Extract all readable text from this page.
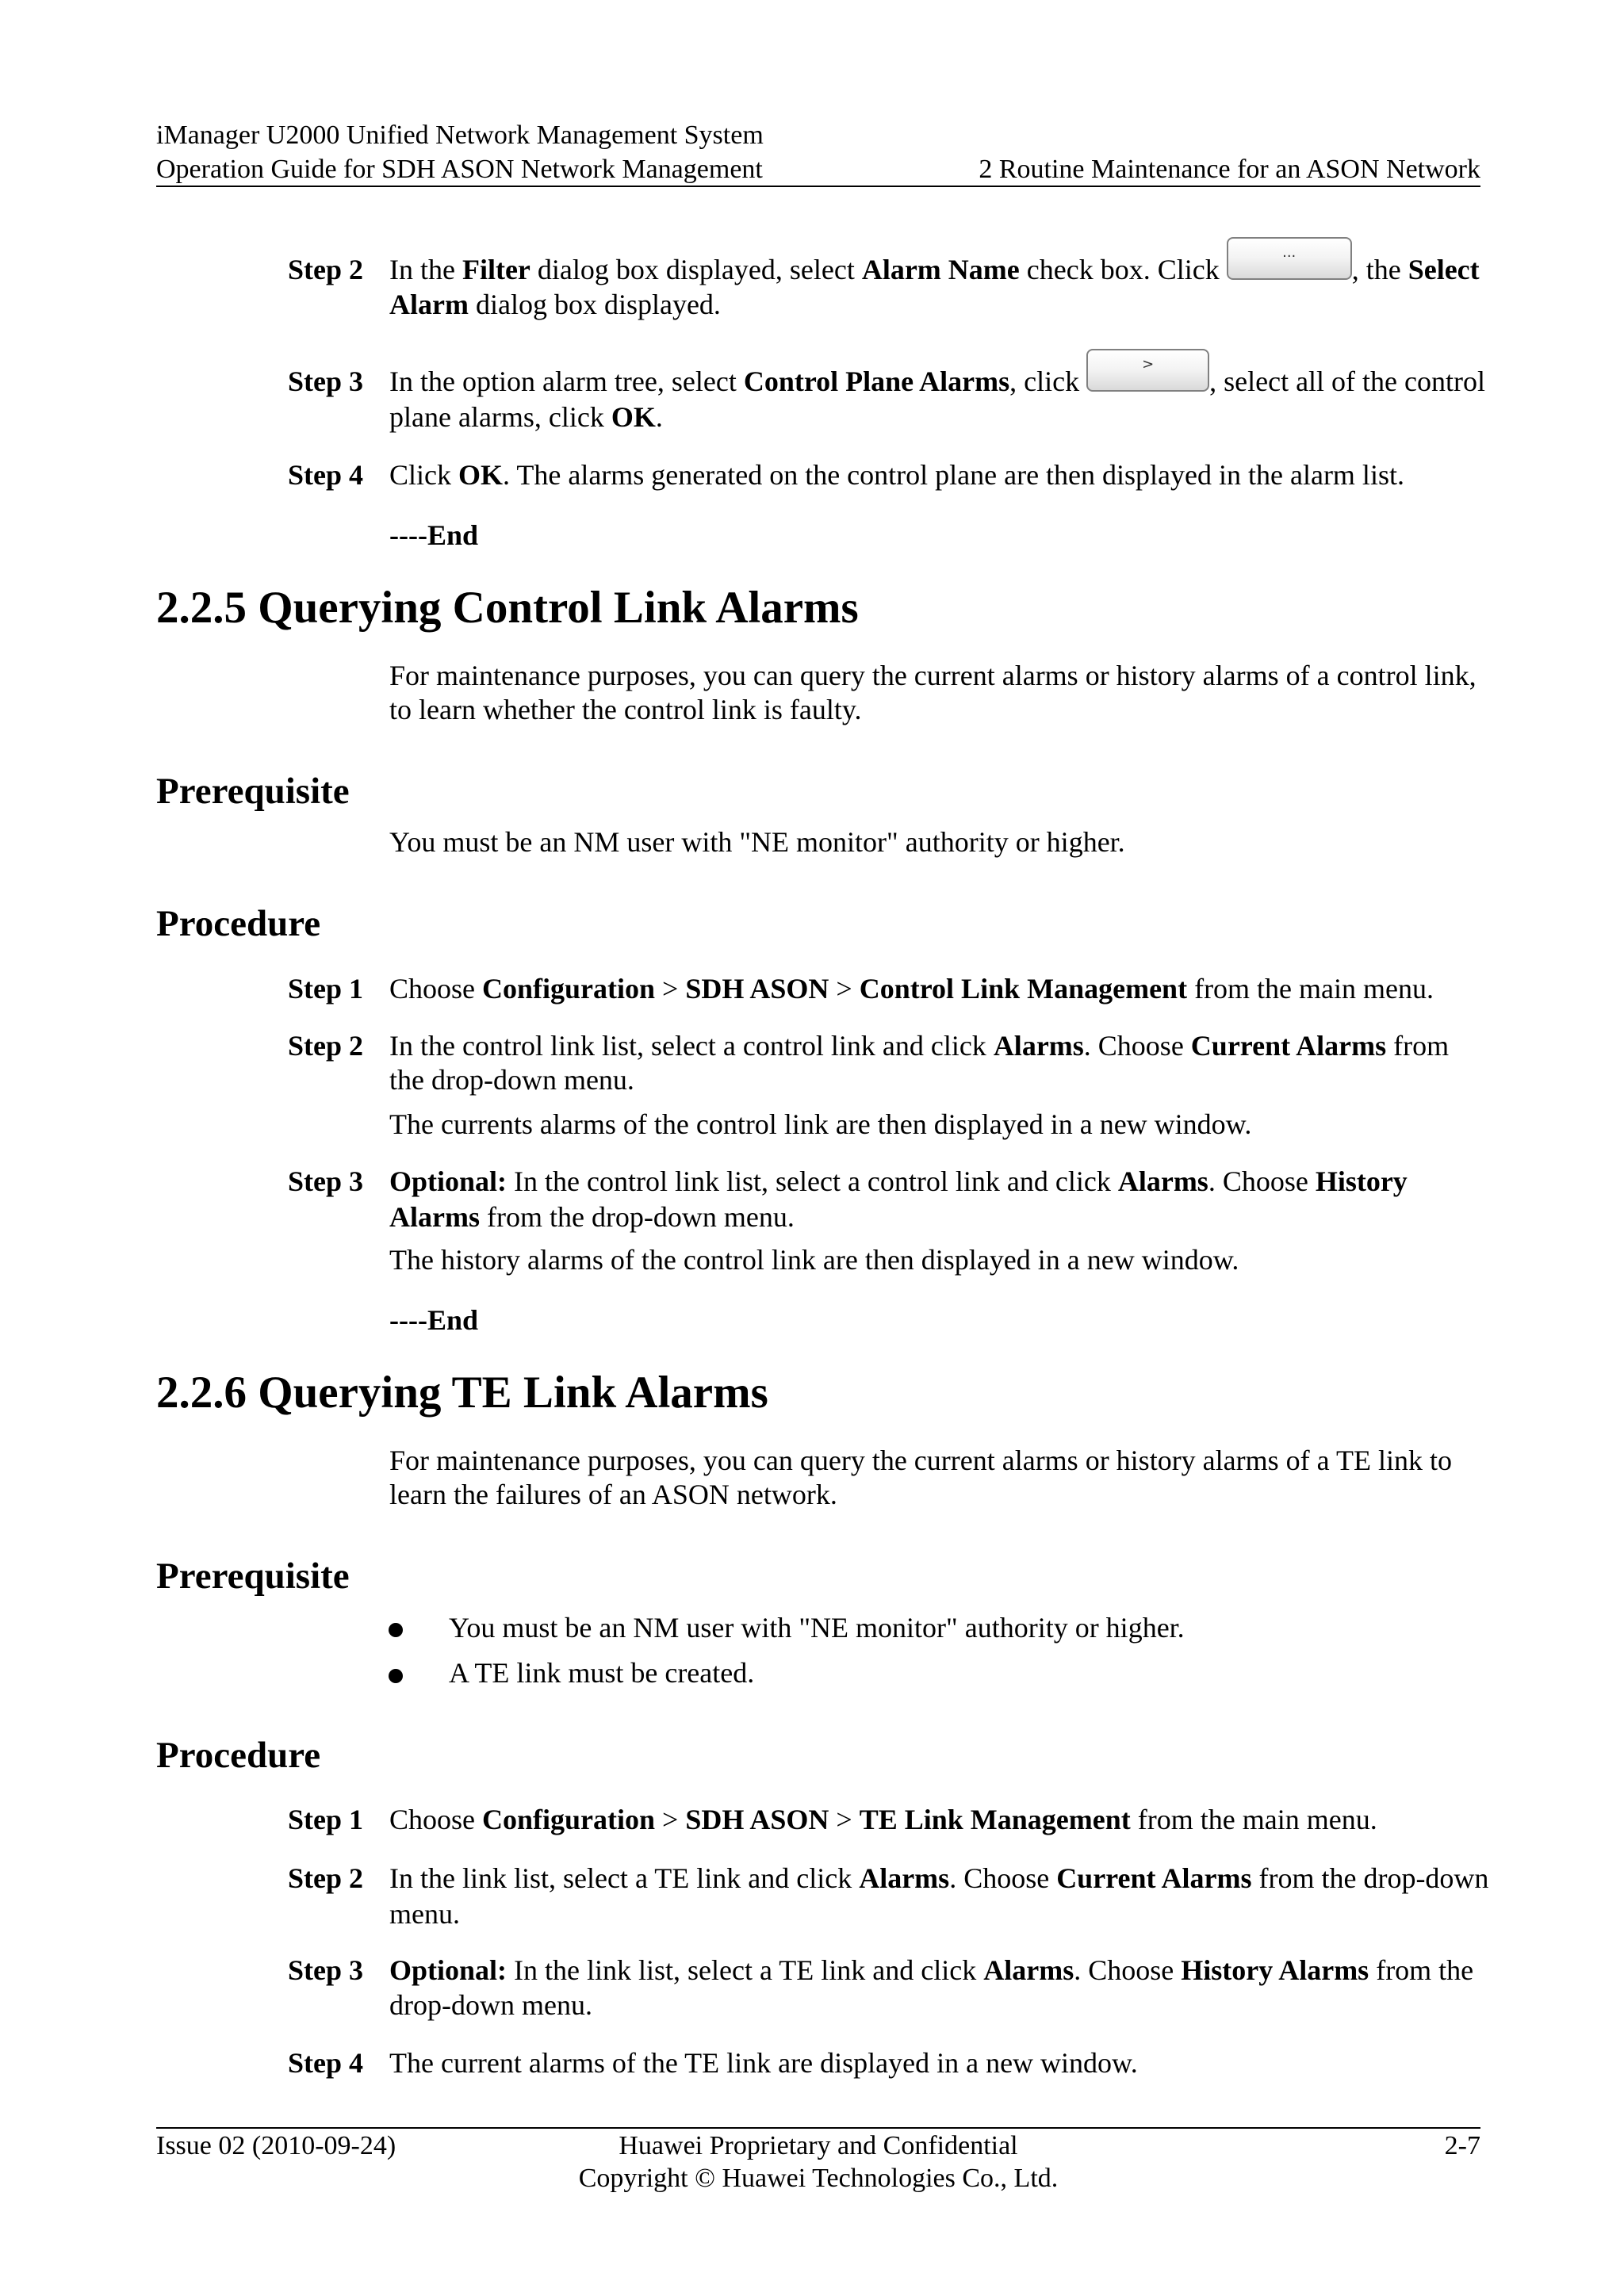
iManager U2000 Unified Network Management System
Operation Guide for SDH ASON Network Management	2 Routine Maintenance for an ASON Network
Step 2 In the Filter dialog box displayed, select Alarm Name check box. Click
...
, the Select
Alarm dialog box displayed.
Step 3 In the option alarm tree, select Control Plane Alarms, click
>
, select all of the control
plane alarms, click OK.
Step 4 Click OK. The alarms generated on the control plane are then displayed in the alarm list.
----End
2.2.5 Querying Control Link Alarms
For maintenance purposes, you can query the current alarms or history alarms of a control link,
to learn whether the control link is faulty.
Prerequisite
You must be an NM user with "NE monitor" authority or higher.
Procedure
Step 1 Choose Configuration > SDH ASON > Control Link Management from the main menu.
Step 2 In the control link list, select a control link and click Alarms. Choose Current Alarms from
the drop-down menu.
The currents alarms of the control link are then displayed in a new window.
Step 3 Optional: In the control link list, select a control link and click Alarms. Choose History
Alarms from the drop-down menu.
The history alarms of the control link are then displayed in a new window.
----End
2.2.6 Querying TE Link Alarms
For maintenance purposes, you can query the current alarms or history alarms of a TE link to
learn the failures of an ASON network.
Prerequisite
You must be an NM user with "NE monitor" authority or higher.
A TE link must be created.
Procedure
Step 1 Choose Configuration > SDH ASON > TE Link Management from the main menu.
Step 2 In the link list, select a TE link and click Alarms. Choose Current Alarms from the drop-down
menu.
Step 3 Optional: In the link list, select a TE link and click Alarms. Choose History Alarms from the
drop-down menu.
Step 4 The current alarms of the TE link are displayed in a new window.
Issue 02 (2010-09-24)	Huawei Proprietary and Confidential
Copyright © Huawei Technologies Co., Ltd.
2-7
